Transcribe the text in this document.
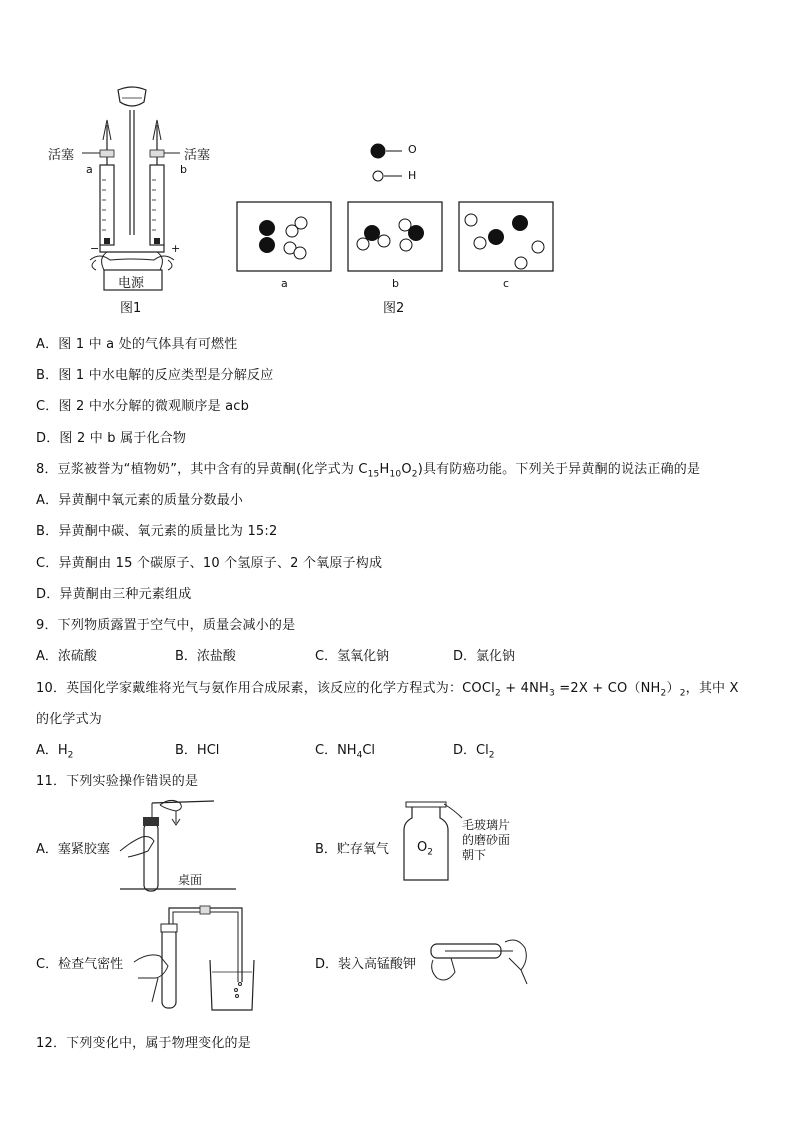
活塞	活塞
a	b
−	+
电源
图1
O
H
a	b	c
图2
A．图 1 中 a 处的气体具有可燃性
B．图 1 中水电解的反应类型是分解反应
C．图 2 中水分解的微观顺序是 acb
D．图 2 中 b 属于化合物
8．豆浆被誉为“植物奶”，其中含有的异黄酮(化学式为 $C_{15}H_{10}O_2$)具有防癌功能。下列关于异黄酮的说法正确的是
A．异黄酮中氧元素的质量分数最小
B．异黄酮中碳、氧元素的质量比为 15:2
C．异黄酮由 15 个碳原子、10 个氢原子、2 个氧原子构成
D．异黄酮由三种元素组成
9．下列物质露置于空气中，质量会减小的是
A．浓硫酸	B．浓盐酸	C．氢氧化钠	D．氯化钠
10．英国化学家戴维将光气与氨作用合成尿素，该反应的化学方程式为：COCl$_2$ + $4NH_3 =2X + CO(NH_2)_2$，其中 X
的化学式为
A．$H_2$	B．HCl	C．$NH_4Cl$	D．$Cl_2$
11．下列实验操作错误的是
A．塞紧胶塞
桌面
B．贮存氧气 $O_2$
毛玻璃片
的磨砂面
朝下
C．检查气密性	D．装入高锰酸钾
12．下列变化中，属于物理变化的是
